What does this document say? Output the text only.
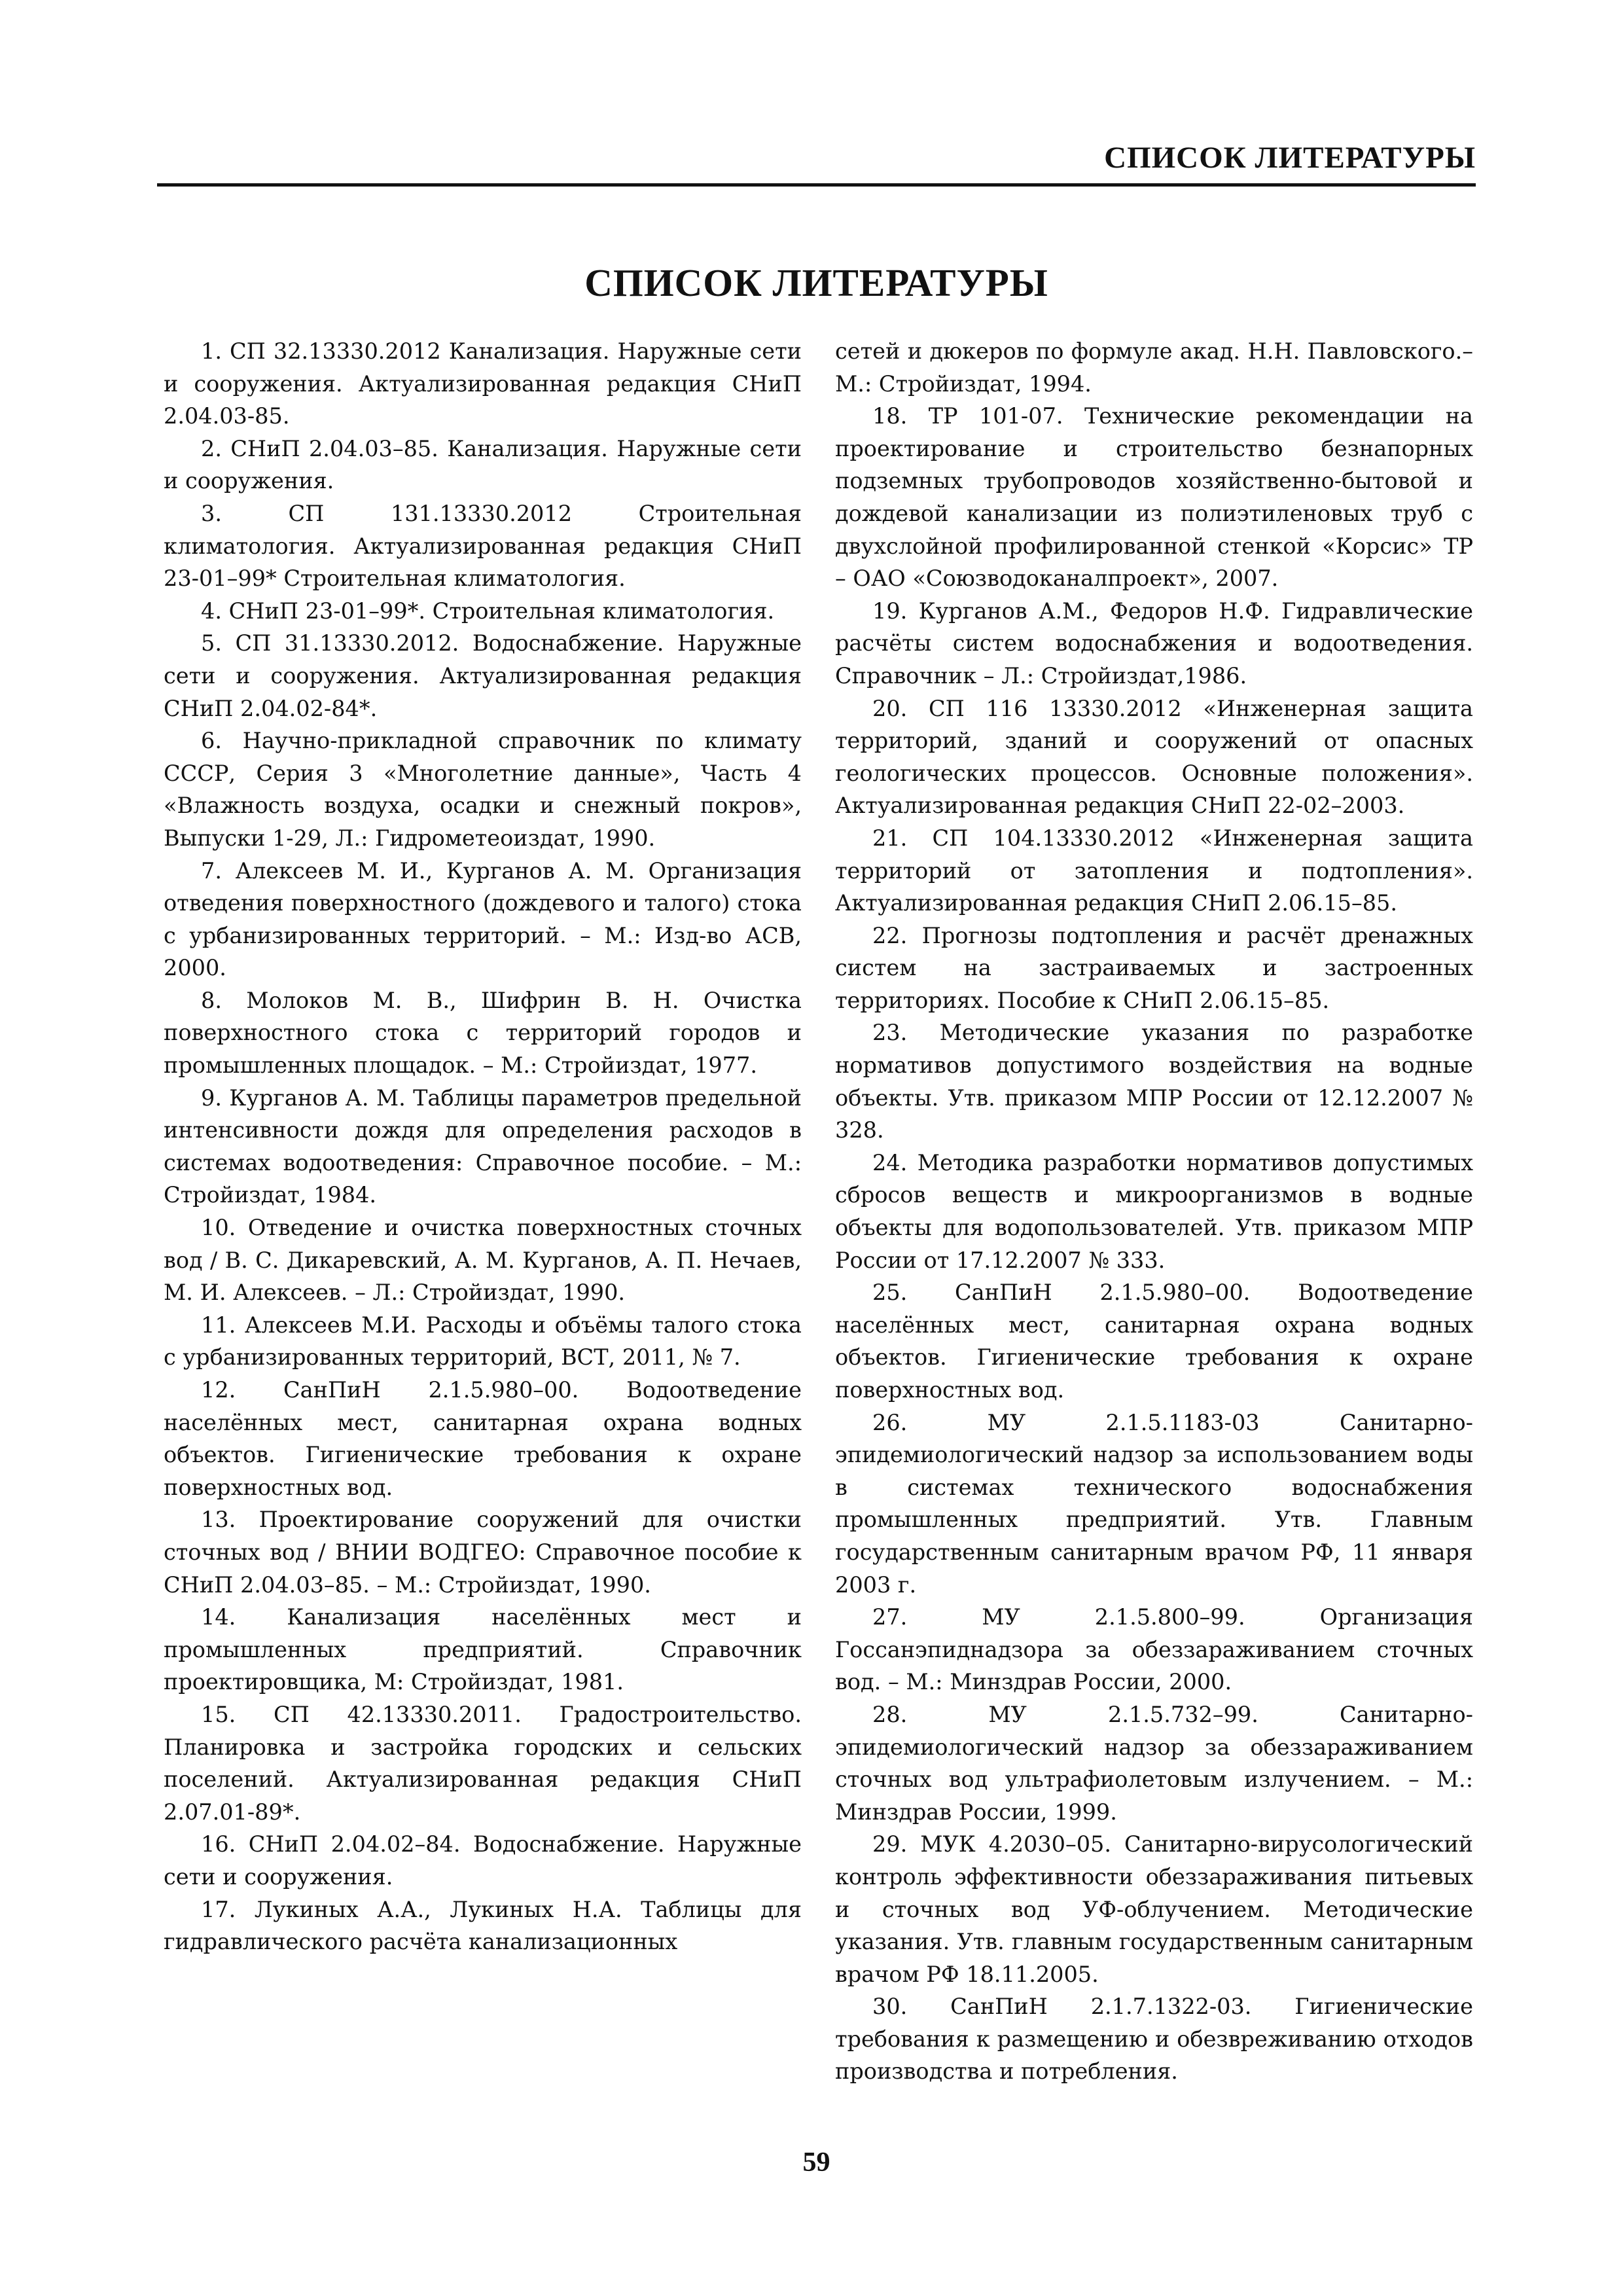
СПИСОК ЛИТЕРАТУРЫ
СПИСОК ЛИТЕРАТУРЫ

1. СП 32.13330.2012 Канализация. Наружные сети и сооружения. Актуализированная редакция СНиП 2.04.03-85.

2. СНиП 2.04.03–85. Канализация. Наружные сети и сооружения.

3. СП 131.13330.2012 Строительная климатология. Актуализированная редакция СНиП 23-01–99* Строительная климатология.

4. СНиП 23-01–99*. Строительная климатология.

5. СП 31.13330.2012. Водоснабжение. Наружные сети и сооружения. Актуализированная редакция СНиП 2.04.02-84*.

6. Научно-прикладной справочник по климату СССР, Серия 3 «Многолетние данные», Часть 4 «Влажность воздуха, осадки и снежный покров», Выпуски 1-29, Л.: Гидрометеоиздат, 1990.

7. Алексеев М. И., Курганов А. М. Организация отведения поверхностного (дождевого и талого) стока с урбанизированных территорий. – М.: Изд-во АСВ, 2000.

8. Молоков М. В., Шифрин В. Н. Очистка поверхностного стока с территорий городов и промышленных площадок. – М.: Стройиздат, 1977.

9. Курганов А. М. Таблицы параметров предельной интенсивности дождя для определения расходов в системах водоотведения: Справочное пособие. – М.: Стройиздат, 1984.

10. Отведение и очистка поверхностных сточных вод / В. С. Дикаревский, А. М. Курганов, А. П. Нечаев, М. И. Алексеев. – Л.: Стройиздат, 1990.

11. Алексеев М.И. Расходы и объёмы талого стока с урбанизированных территорий, ВСТ, 2011, № 7.

12. СанПиН 2.1.5.980–00. Водоотведение населённых мест, санитарная охрана водных объектов. Гигиенические требования к охране поверхностных вод.

13. Проектирование сооружений для очистки сточных вод / ВНИИ ВОДГЕО: Справочное пособие к СНиП 2.04.03–85. – М.: Стройиздат, 1990.

14. Канализация населённых мест и промышленных предприятий. Справочник проектировщика, М: Стройиздат, 1981.

15. СП 42.13330.2011. Градостроительство. Планировка и застройка городских и сельских поселений. Актуализированная редакция СНиП 2.07.01-89*.

16. СНиП 2.04.02–84. Водоснабжение. Наружные сети и сооружения.

17. Лукиных А.А., Лукиных Н.А. Таблицы для гидравлического расчёта канализационных

сетей и дюкеров по формуле акад. Н.Н. Павловского.– М.: Стройиздат, 1994.

18. ТР 101-07. Технические рекомендации на проектирование и строительство безнапорных подземных трубопроводов хозяйственно-бытовой и дождевой канализации из полиэтиленовых труб с двухслойной профилированной стенкой «Корсис» ТР – ОАО «Союзводоканалпроект», 2007.

19. Курганов А.М., Федоров Н.Ф. Гидравлические расчёты систем водоснабжения и водоотведения. Справочник – Л.: Стройиздат,1986.

20. СП 116 13330.2012 «Инженерная защита территорий, зданий и сооружений от опасных геологических процессов. Основные положения». Актуализированная редакция СНиП 22-02–2003.

21. СП 104.13330.2012 «Инженерная защита территорий от затопления и подтопления». Актуализированная редакция СНиП 2.06.15–85.

22. Прогнозы подтопления и расчёт дренажных систем на застраиваемых и застроенных территориях. Пособие к СНиП 2.06.15–85.

23. Методические указания по разработке нормативов допустимого воздействия на водные объекты. Утв. приказом МПР России от 12.12.2007 № 328.

24. Методика разработки нормативов допустимых сбросов веществ и микроорганизмов в водные объекты для водопользователей. Утв. приказом МПР России от 17.12.2007 № 333.

25. СанПиН 2.1.5.980–00. Водоотведение населённых мест, санитарная охрана водных объектов. Гигиенические требования к охране поверхностных вод.

26. МУ 2.1.5.1183-03 Санитарно-эпидемиологический надзор за использованием воды в системах технического водоснабжения промышленных предприятий. Утв. Главным государственным санитарным врачом РФ, 11 января 2003 г.

27. МУ 2.1.5.800–99. Организация Госсанэпиднадзора за обеззараживанием сточных вод. – М.: Минздрав России, 2000.

28. МУ 2.1.5.732–99. Санитарно-эпидемиологический надзор за обеззараживанием сточных вод ультрафиолетовым излучением. – М.: Минздрав России, 1999.

29. МУК 4.2030–05. Санитарно-вирусологический контроль эффективности обеззараживания питьевых и сточных вод УФ-облучением. Методические указания. Утв. главным государственным санитарным врачом РФ 18.11.2005.

30. СанПиН 2.1.7.1322-03. Гигиенические требования к размещению и обезвреживанию отходов производства и потребления.

59
